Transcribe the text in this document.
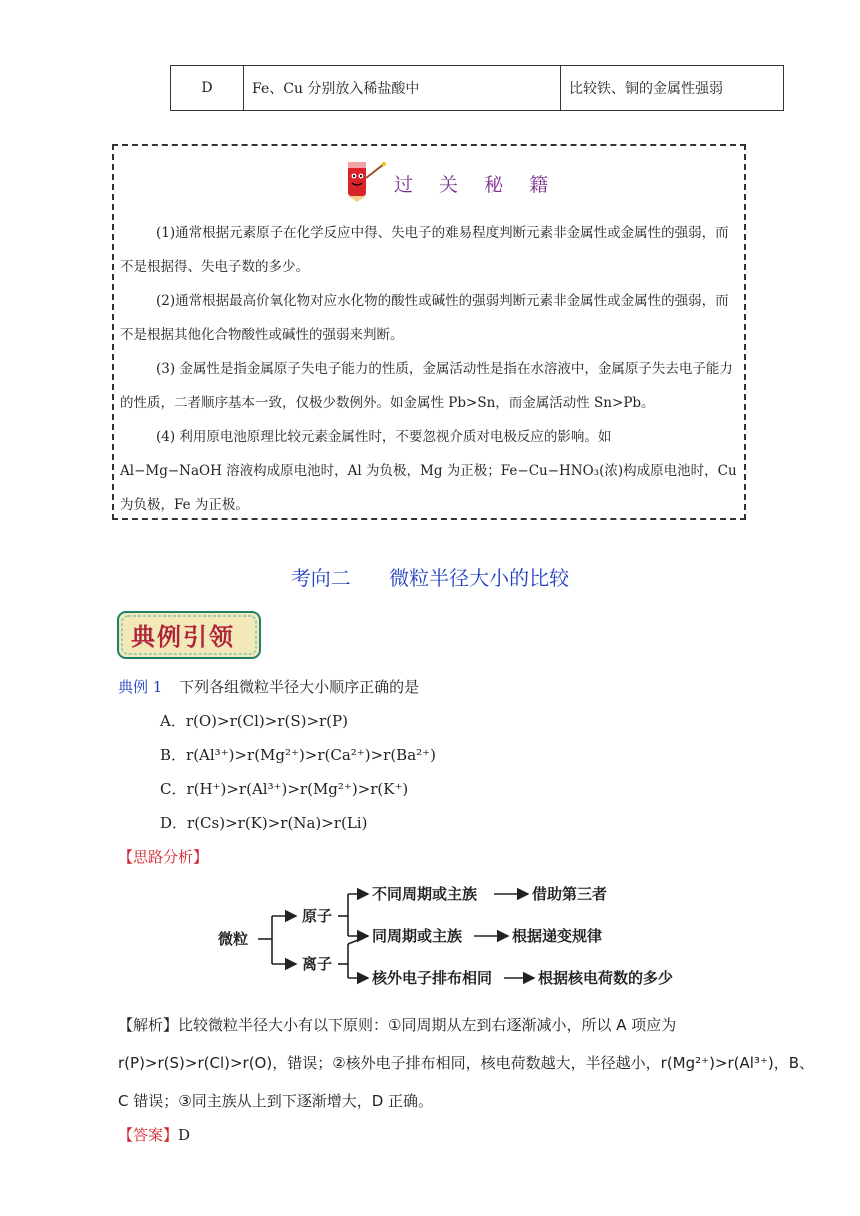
D	Fe、Cu 分别放入稀盐酸中	比较铁、铜的金属性强弱
过 关 秘 籍

(1)通常根据元素原子在化学反应中得、失电子的难易程度判断元素非金属性或金属性的强弱，而不是根据得、失电子数的多少。

(2)通常根据最高价氧化物对应水化物的酸性或碱性的强弱判断元素非金属性或金属性的强弱，而不是根据其他化合物酸性或碱性的强弱来判断。

(3) 金属性是指金属原子失电子能力的性质，金属活动性是指在水溶液中，金属原子失去电子能力的性质，二者顺序基本一致，仅极少数例外。如金属性 Pb>Sn，而金属活动性 Sn>Pb。

(4) 利用原电池原理比较元素金属性时，不要忽视介质对电极反应的影响。如

Al−Mg−NaOH 溶液构成原电池时，Al 为负极，Mg 为正极；Fe−Cu−HNO₃(浓)构成原电池时，Cu 为负极，Fe 为正极。

考向二 微粒半径大小的比较
典例引领
典例 1 下列各组微粒半径大小顺序正确的是
A．r(O)>r(Cl)>r(S)>r(P)
B．r(Al³⁺)>r(Mg²⁺)>r(Ca²⁺)>r(Ba²⁺)
C．r(H⁺)>r(Al³⁺)>r(Mg²⁺)>r(K⁺)
D．r(Cs)>r(K)>r(Na)>r(Li)
【思路分析】
微粒
原子
离子
不同周期或主族	借助第三者
同周期或主族	根据递变规律
核外电子排布相同	根据核电荷数的多少

【解析】比较微粒半径大小有以下原则：①同周期从左到右逐渐减小，所以 A 项应为

r(P)>r(S)>r(Cl)>r(O)，错误；②核外电子排布相同，核电荷数越大，半径越小，r(Mg²⁺)>r(Al³⁺)，B、

C 错误；③同主族从上到下逐渐增大，D 正确。

【答案】D
